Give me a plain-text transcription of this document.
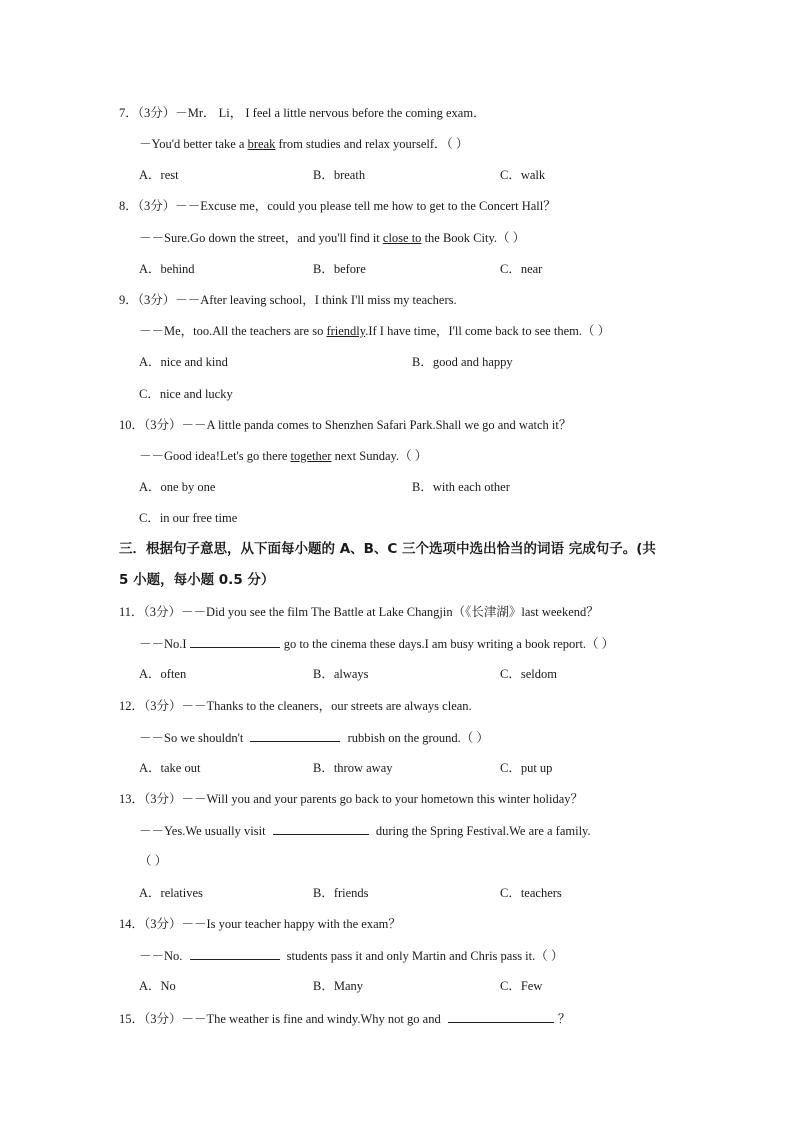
7．（3分）－Mr． Li， I feel a little nervous before the coming exam．
－You'd better take a break from studies and relax yourself．（ ）
A．rest	B．breath	C．walk
8．（3分）－－Excuse me，could you please tell me how to get to the Concert Hall？
－－Sure.Go down the street，and you'll find it close to the Book City.（ ）
A．behind	B．before	C．near
9．（3分）－－After leaving school，I think I'll miss my teachers.
－－Me，too.All the teachers are so friendly.If I have time，I'll come back to see them.（ ）
A．nice and kind	B．good and happy
C．nice and lucky
10．（3分）－－A little panda comes to Shenzhen Safari Park.Shall we go and watch it？
－－Good idea!Let's go there together next Sunday.（ ）
A．one by one	B．with each other
C．in our free time
三．根据句子意思，从下面每小题的 A、B、C 三个选项中选出恰当的词语 完成句子。(共
5 小题，每小题 0.5 分）
11．（3分）－－Did you see the film The Battle at Lake Changjin（《长津湖》last weekend？
－－No.I	go to the cinema these days.I am busy writing a book report.（ ）
A．often	B．always	C．seldom
12．（3分）－－Thanks to the cleaners，our streets are always clean.
－－So we shouldn't	rubbish on the ground.（ ）
A．take out	B．throw away	C．put up
13．（3分）－－Will you and your parents go back to your hometown this winter holiday？
－－Yes.We usually visit	during the Spring Festival.We are a family.
（ ）
A．relatives	B．friends	C．teachers
14．（3分）－－Is your teacher happy with the exam？
－－No.	students pass it and only Martin and Chris pass it.（ ）
A．No	B．Many	C．Few
15．（3分）－－The weather is fine and windy.Why not go and	？
